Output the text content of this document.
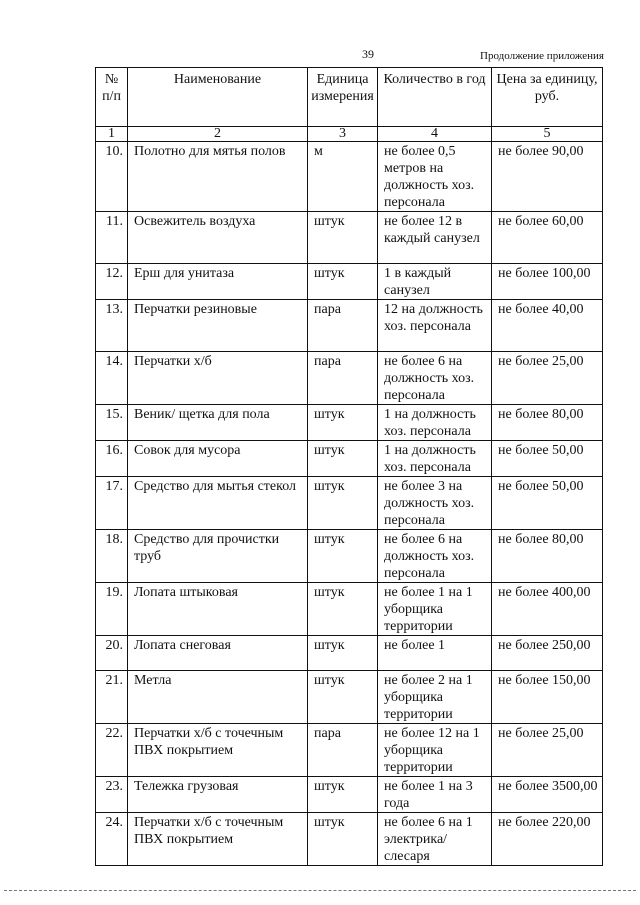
39	Продолжение приложения
№ п/п	Наименование	Единица измерения	Количество в год	Цена за единицу, руб.
1	2	3	4	5
10.	Полотно для мятья полов	м	не более 0,5 метров на должность хоз. персонала	не более 90,00
11.	Освежитель воздуха	штук	не более 12 в каждый санузел	не более 60,00
12.	Ерш для унитаза	штук	1 в каждый санузел	не более 100,00
13.	Перчатки резиновые	пара	12 на должность хоз. персонала	не более 40,00
14.	Перчатки х/б	пара	не более 6 на должность хоз. персонала	не более 25,00
15.	Веник/ щетка для пола	штук	1 на должность хоз. персонала	не более 80,00
16.	Совок для мусора	штук	1 на должность хоз. персонала	не более 50,00
17.	Средство для мытья стекол	штук	не более 3 на должность хоз. персонала	не более 50,00
18.	Средство для прочистки труб	штук	не более 6 на должность хоз. персонала	не более 80,00
19.	Лопата штыковая	штук	не более 1 на 1 уборщика территории	не более 400,00
20.	Лопата снеговая	штук	не более 1	не более 250,00
21.	Метла	штук	не более 2 на 1 уборщика территории	не более 150,00
22.	Перчатки х/б с точечным ПВХ покрытием	пара	не более 12 на 1 уборщика территории	не более 25,00
23.	Тележка грузовая	штук	не более 1 на 3 года	не более 3500,00
24.	Перчатки х/б с точечным ПВХ покрытием	штук	не более 6 на 1 электрика/слесаря	не более 220,00
